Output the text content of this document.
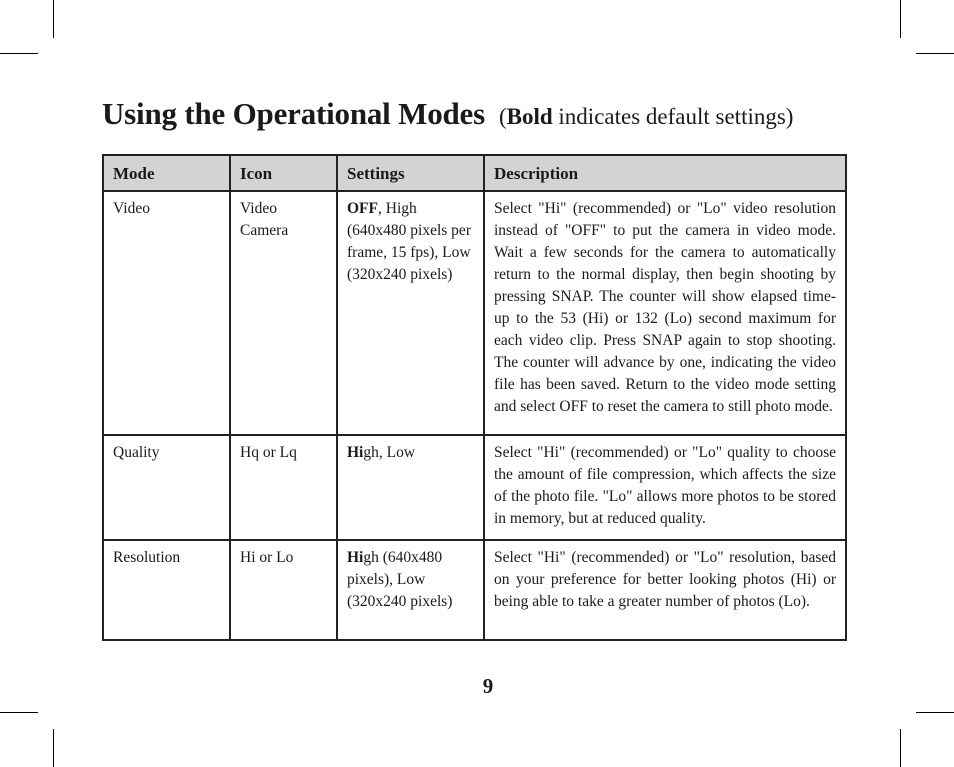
Using the Operational Modes (Bold indicates default settings)
Mode	Icon	Settings	Description
Video	Video Camera	OFF, High (640x480 pixels per frame, 15 fps), Low (320x240 pixels)	Select "Hi" (recommended) or "Lo" video resolution instead of "OFF" to put the camera in video mode. Wait a few seconds for the camera to automatically return to the normal display, then begin shooting by pressing SNAP. The counter will show elapsed time-up to the 53 (Hi) or 132 (Lo) second maximum for each video clip. Press SNAP again to stop shooting. The counter will advance by one, indicating the video file has been saved. Return to the video mode setting and select OFF to reset the camera to still photo mode.
Quality	Hq or Lq	High, Low	Select "Hi" (recommended) or "Lo" quality to choose the amount of file compression, which affects the size of the photo file. "Lo" allows more photos to be stored in memory, but at reduced quality.
Resolution	Hi or Lo	High (640x480 pixels), Low (320x240 pixels)	Select "Hi" (recommended) or "Lo" resolution, based on your preference for better looking photos (Hi) or being able to take a greater number of photos (Lo).
9
